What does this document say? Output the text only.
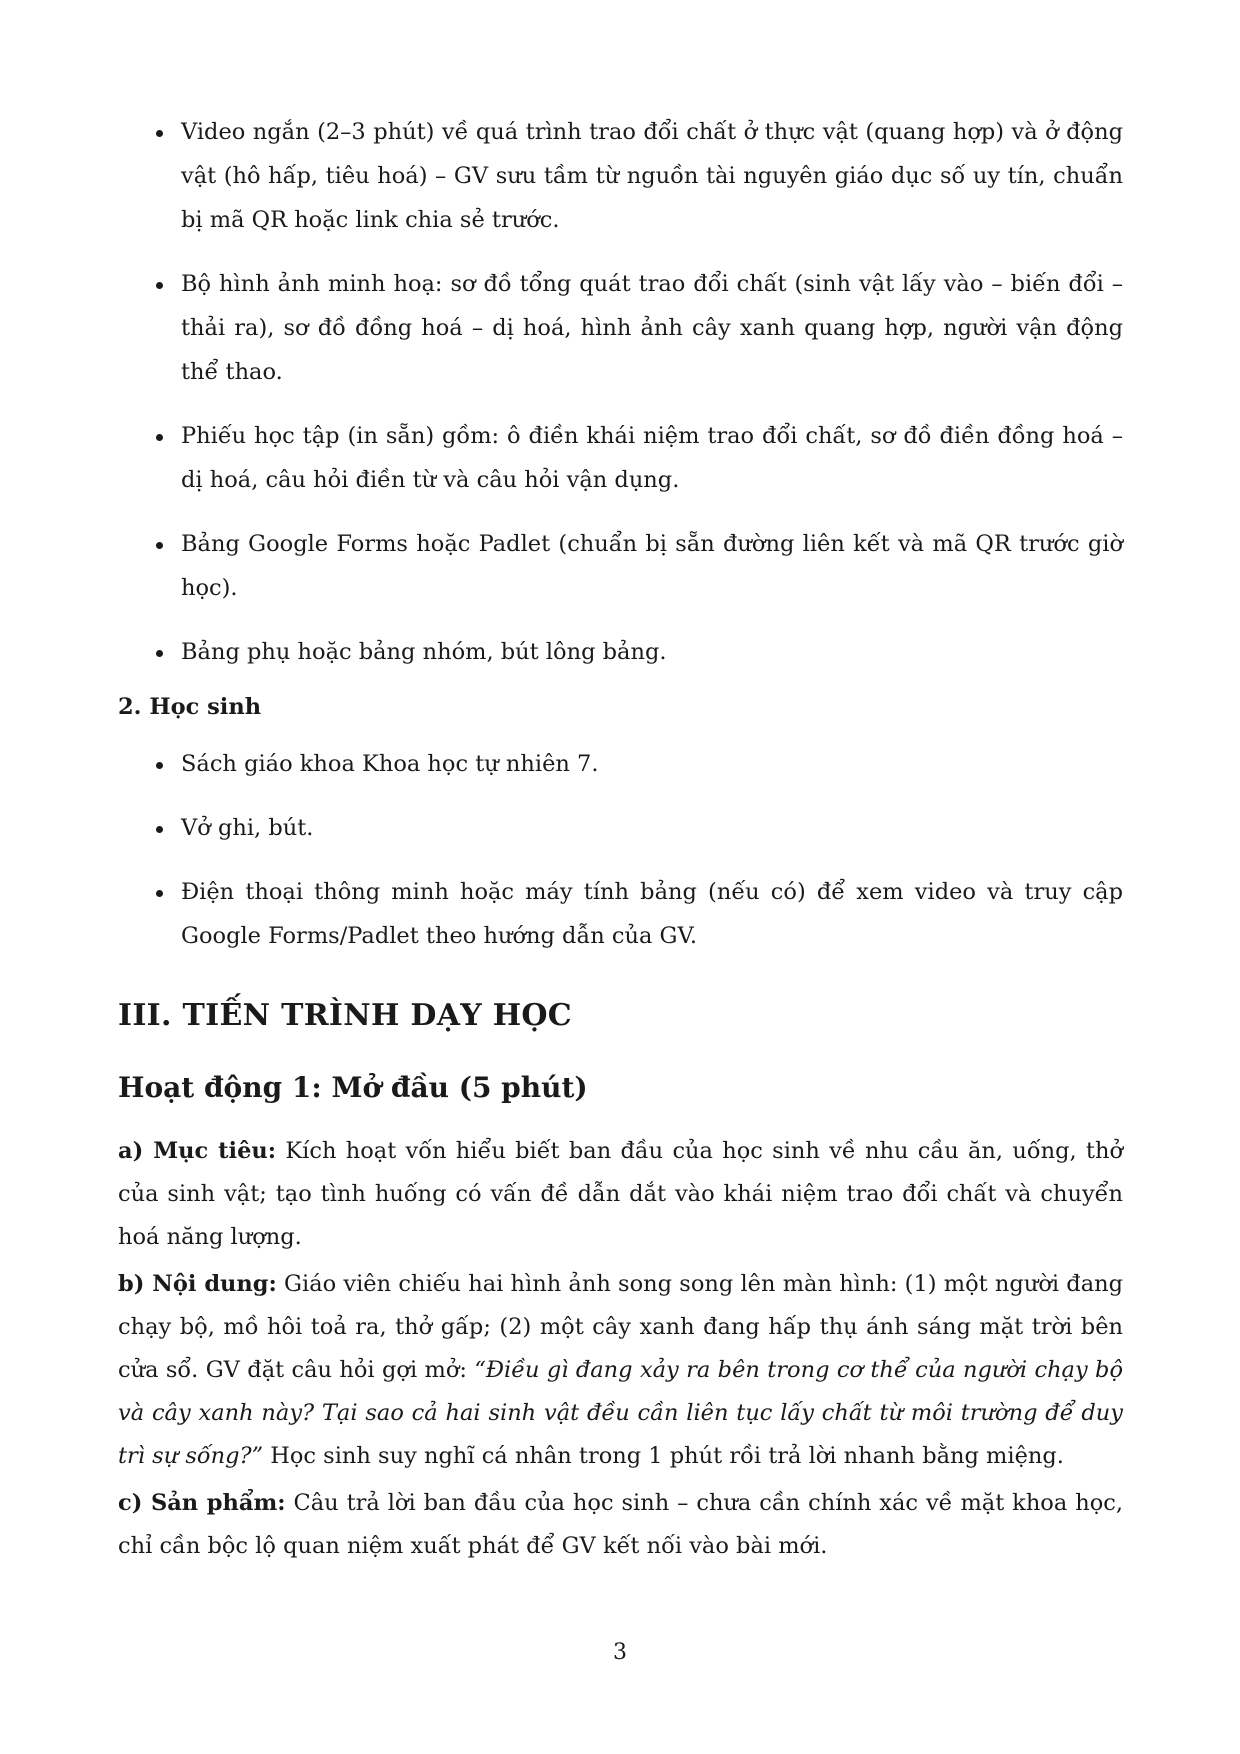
Video ngắn (2–3 phút) về quá trình trao đổi chất ở thực vật (quang hợp) và ở động vật (hô hấp, tiêu hoá) – GV sưu tầm từ nguồn tài nguyên giáo dục số uy tín, chuẩn bị mã QR hoặc link chia sẻ trước.
Bộ hình ảnh minh hoạ: sơ đồ tổng quát trao đổi chất (sinh vật lấy vào – biến đổi – thải ra), sơ đồ đồng hoá – dị hoá, hình ảnh cây xanh quang hợp, người vận động thể thao.
Phiếu học tập (in sẵn) gồm: ô điền khái niệm trao đổi chất, sơ đồ điền đồng hoá – dị hoá, câu hỏi điền từ và câu hỏi vận dụng.
Bảng Google Forms hoặc Padlet (chuẩn bị sẵn đường liên kết và mã QR trước giờ học).
Bảng phụ hoặc bảng nhóm, bút lông bảng.
2. Học sinh
Sách giáo khoa Khoa học tự nhiên 7.
Vở ghi, bút.
Điện thoại thông minh hoặc máy tính bảng (nếu có) để xem video và truy cập Google Forms/Padlet theo hướng dẫn của GV.
III. TIẾN TRÌNH DẠY HỌC
Hoạt động 1: Mở đầu (5 phút)

a) Mục tiêu: Kích hoạt vốn hiểu biết ban đầu của học sinh về nhu cầu ăn, uống, thở của sinh vật; tạo tình huống có vấn đề dẫn dắt vào khái niệm trao đổi chất và chuyển hoá năng lượng.

b) Nội dung: Giáo viên chiếu hai hình ảnh song song lên màn hình: (1) một người đang chạy bộ, mồ hôi toả ra, thở gấp; (2) một cây xanh đang hấp thụ ánh sáng mặt trời bên cửa sổ. GV đặt câu hỏi gợi mở: “Điều gì đang xảy ra bên trong cơ thể của người chạy bộ và cây xanh này? Tại sao cả hai sinh vật đều cần liên tục lấy chất từ môi trường để duy trì sự sống?” Học sinh suy nghĩ cá nhân trong 1 phút rồi trả lời nhanh bằng miệng.

c) Sản phẩm: Câu trả lời ban đầu của học sinh – chưa cần chính xác về mặt khoa học, chỉ cần bộc lộ quan niệm xuất phát để GV kết nối vào bài mới.

3
